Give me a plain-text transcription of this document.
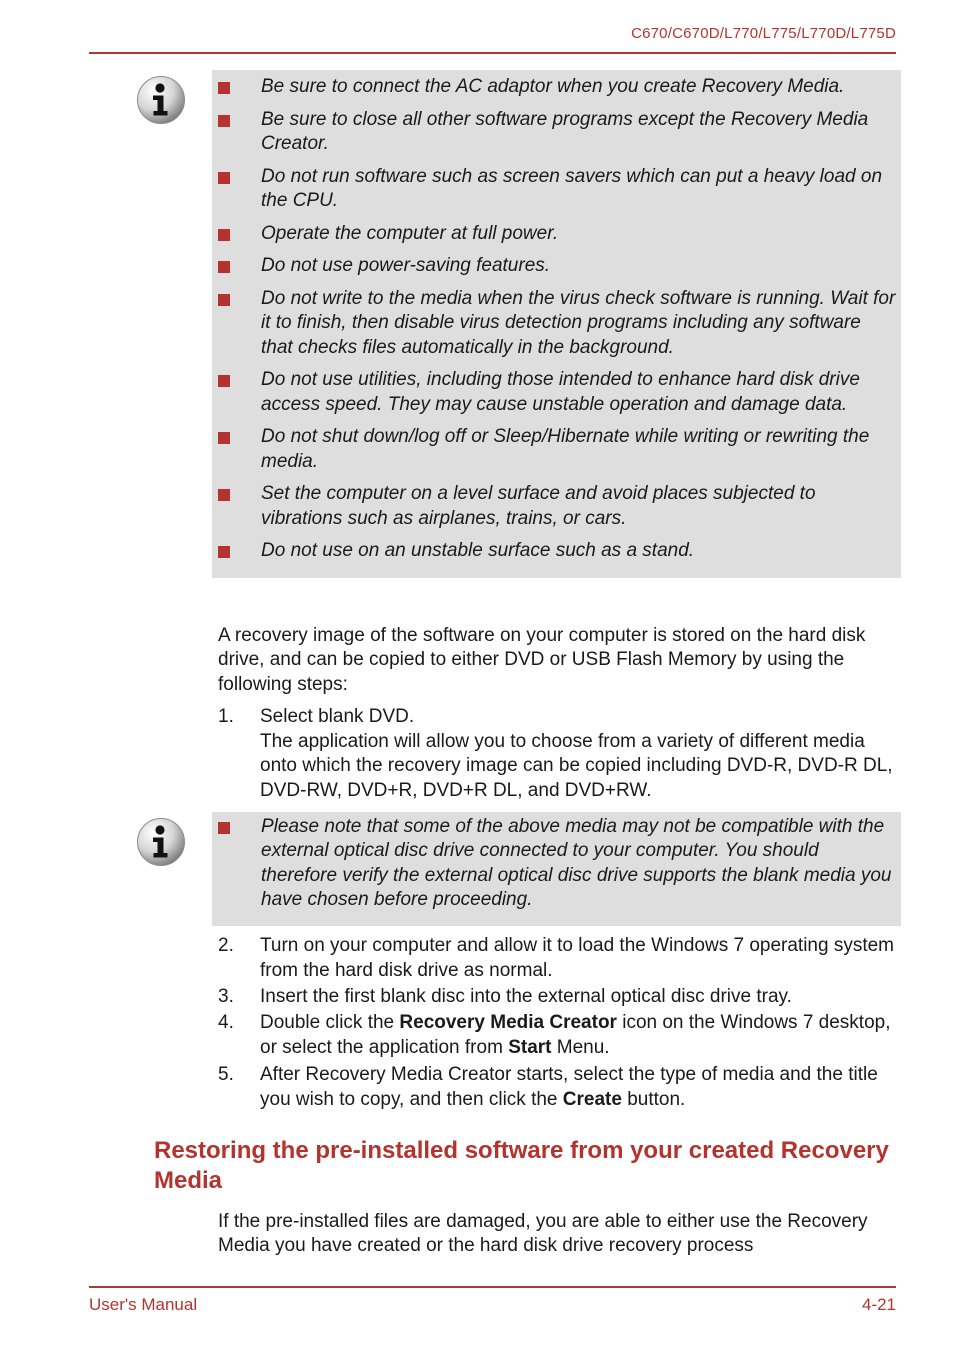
C670/C670D/L770/L775/L770D/L775D
Be sure to connect the AC adaptor when you create Recovery Media.
Be sure to close all other software programs except the Recovery Media Creator.
Do not run software such as screen savers which can put a heavy load on the CPU.
Operate the computer at full power.
Do not use power-saving features.
Do not write to the media when the virus check software is running. Wait for it to finish, then disable virus detection programs including any software that checks files automatically in the background.
Do not use utilities, including those intended to enhance hard disk drive access speed. They may cause unstable operation and damage data.
Do not shut down/log off or Sleep/Hibernate while writing or rewriting the media.
Set the computer on a level surface and avoid places subjected to vibrations such as airplanes, trains, or cars.
Do not use on an unstable surface such as a stand.
A recovery image of the software on your computer is stored on the hard disk drive, and can be copied to either DVD or USB Flash Memory by using the following steps:
1. Select blank DVD.
The application will allow you to choose from a variety of different media onto which the recovery image can be copied including DVD-R, DVD-R DL, DVD-RW, DVD+R, DVD+R DL, and DVD+RW.
Please note that some of the above media may not be compatible with the external optical disc drive connected to your computer. You should therefore verify the external optical disc drive supports the blank media you have chosen before proceeding.
2. Turn on your computer and allow it to load the Windows 7 operating system from the hard disk drive as normal.
3. Insert the first blank disc into the external optical disc drive tray.
4. Double click the Recovery Media Creator icon on the Windows 7 desktop, or select the application from Start Menu.
5. After Recovery Media Creator starts, select the type of media and the title you wish to copy, and then click the Create button.
Restoring the pre-installed software from your created Recovery Media
If the pre-installed files are damaged, you are able to either use the Recovery Media you have created or the hard disk drive recovery process
User's Manual	4-21
